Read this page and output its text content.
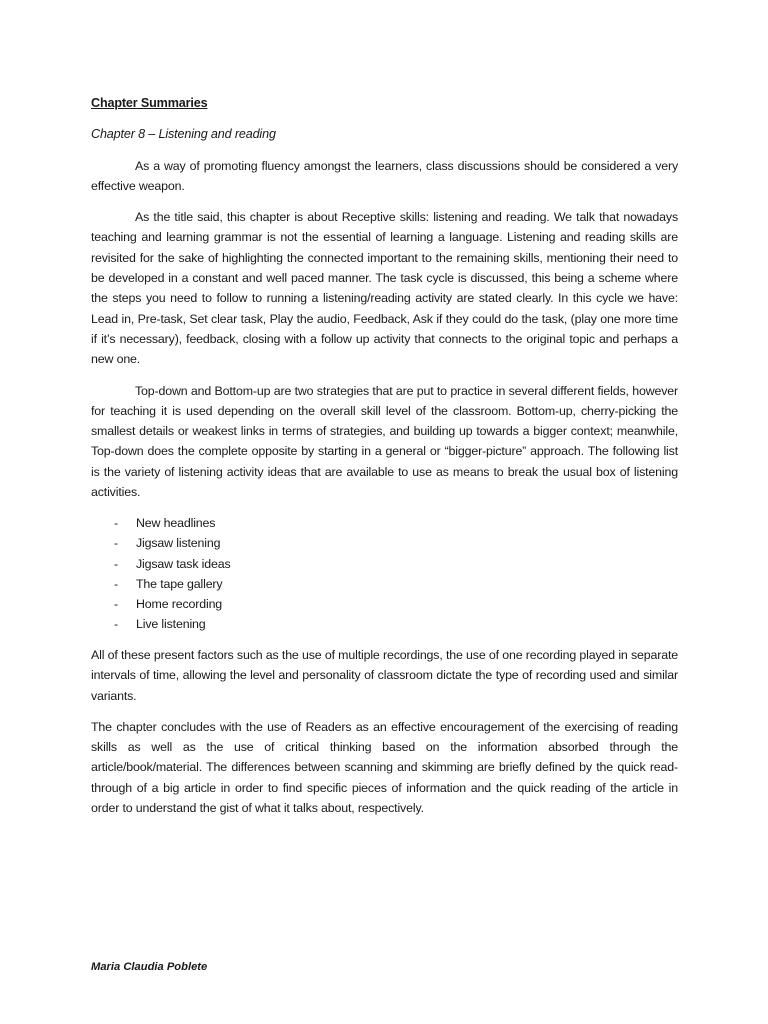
Chapter Summaries
Chapter 8 – Listening and reading

As a way of promoting fluency amongst the learners, class discussions should be considered a very effective weapon.

As the title said, this chapter is about Receptive skills: listening and reading. We talk that nowadays teaching and learning grammar is not the essential of learning a language. Listening and reading skills are revisited for the sake of highlighting the connected important to the remaining skills, mentioning their need to be developed in a constant and well paced manner. The task cycle is discussed, this being a scheme where the steps you need to follow to running a listening/reading activity are stated clearly. In this cycle we have: Lead in, Pre-task, Set clear task, Play the audio, Feedback, Ask if they could do the task, (play one more time if it’s necessary), feedback, closing with a follow up activity that connects to the original topic and perhaps a new one.

Top-down and Bottom-up are two strategies that are put to practice in several different fields, however for teaching it is used depending on the overall skill level of the classroom. Bottom-up, cherry-picking the smallest details or weakest links in terms of strategies, and building up towards a bigger context; meanwhile, Top-down does the complete opposite by starting in a general or “bigger-picture” approach. The following list is the variety of listening activity ideas that are available to use as means to break the usual box of listening activities.

- New headlines
- Jigsaw listening
- Jigsaw task ideas
- The tape gallery
- Home recording
- Live listening

All of these present factors such as the use of multiple recordings, the use of one recording played in separate intervals of time, allowing the level and personality of classroom dictate the type of recording used and similar variants.

The chapter concludes with the use of Readers as an effective encouragement of the exercising of reading skills as well as the use of critical thinking based on the information absorbed through the article/book/material. The differences between scanning and skimming are briefly defined by the quick read-through of a big article in order to find specific pieces of information and the quick reading of the article in order to understand the gist of what it talks about, respectively.

Maria Claudia Poblete
